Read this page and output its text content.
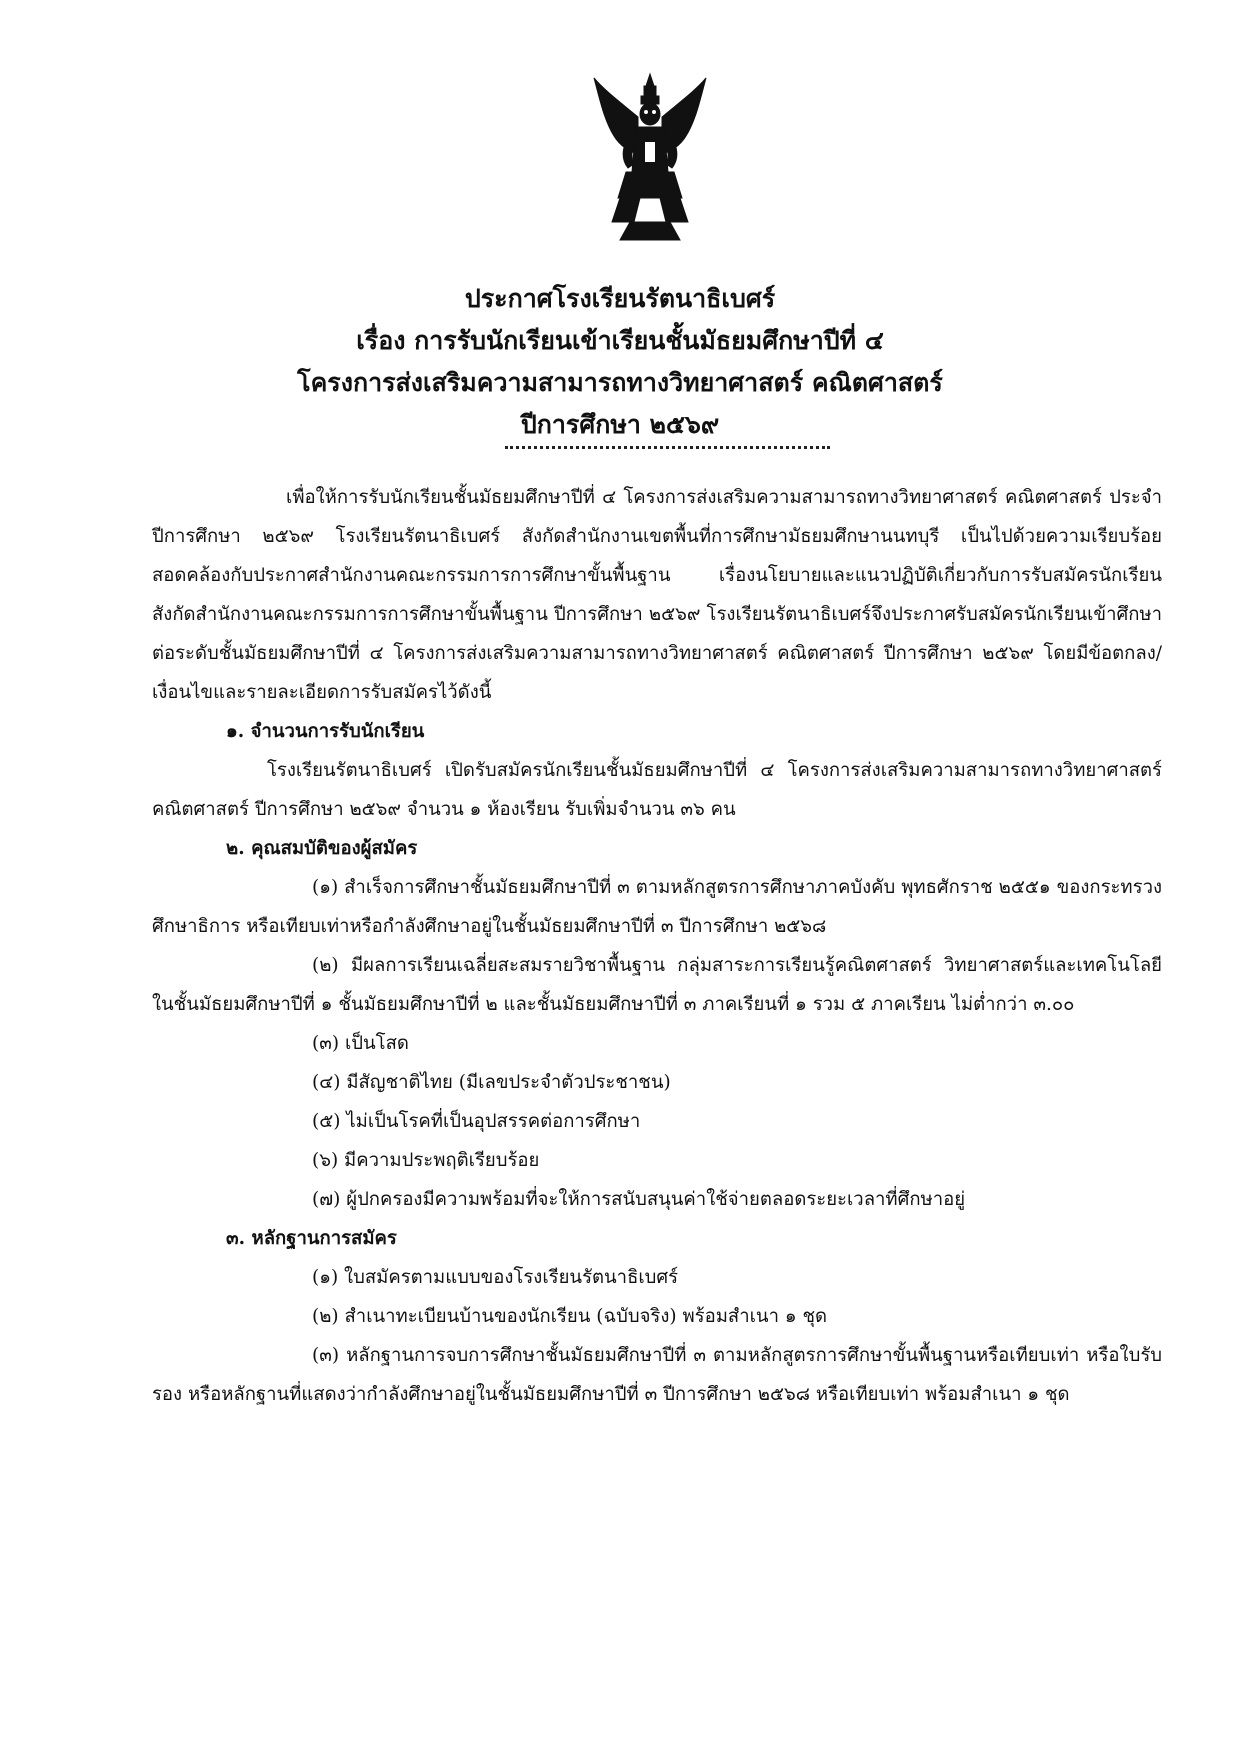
ประกาศโรงเรียนรัตนาธิเบศร์
เรื่อง การรับนักเรียนเข้าเรียนชั้นมัธยมศึกษาปีที่ ๔
โครงการส่งเสริมความสามารถทางวิทยาศาสตร์ คณิตศาสตร์
ปีการศึกษา ๒๕๖๙

เพื่อให้การรับนักเรียนชั้นมัธยมศึกษาปีที่ ๔ โครงการส่งเสริมความสามารถทางวิทยาศาสตร์ คณิตศาสตร์ ประจำปีการศึกษา ๒๕๖๙ โรงเรียนรัตนาธิเบศร์ สังกัดสำนักงานเขตพื้นที่การศึกษามัธยมศึกษานนทบุรี เป็นไปด้วยความเรียบร้อย สอดคล้องกับประกาศสำนักงานคณะกรรมการการศึกษาขั้นพื้นฐาน เรื่องนโยบายและแนวปฏิบัติเกี่ยวกับการรับสมัครนักเรียน สังกัดสำนักงานคณะกรรมการการศึกษาขั้นพื้นฐาน ปีการศึกษา ๒๕๖๙ โรงเรียนรัตนาธิเบศร์จึงประกาศรับสมัครนักเรียนเข้าศึกษาต่อระดับชั้นมัธยมศึกษาปีที่ ๔ โครงการส่งเสริมความสามารถทางวิทยาศาสตร์ คณิตศาสตร์ ปีการศึกษา ๒๕๖๙ โดยมีข้อตกลง/เงื่อนไขและรายละเอียดการรับสมัครไว้ดังนี้

๑. จำนวนการรับนักเรียน

โรงเรียนรัตนาธิเบศร์ เปิดรับสมัครนักเรียนชั้นมัธยมศึกษาปีที่ ๔ โครงการส่งเสริมความสามารถทางวิทยาศาสตร์ คณิตศาสตร์ ปีการศึกษา ๒๕๖๙ จำนวน ๑ ห้องเรียน รับเพิ่มจำนวน ๓๖ คน

๒. คุณสมบัติของผู้สมัคร

(๑) สำเร็จการศึกษาชั้นมัธยมศึกษาปีที่ ๓ ตามหลักสูตรการศึกษาภาคบังคับ พุทธศักราช ๒๕๕๑ ของกระทรวงศึกษาธิการ หรือเทียบเท่าหรือกำลังศึกษาอยู่ในชั้นมัธยมศึกษาปีที่ ๓ ปีการศึกษา ๒๕๖๘

(๒) มีผลการเรียนเฉลี่ยสะสมรายวิชาพื้นฐาน กลุ่มสาระการเรียนรู้คณิตศาสตร์ วิทยาศาสตร์และเทคโนโลยีในชั้นมัธยมศึกษาปีที่ ๑ ชั้นมัธยมศึกษาปีที่ ๒ และชั้นมัธยมศึกษาปีที่ ๓ ภาคเรียนที่ ๑ รวม ๕ ภาคเรียน ไม่ต่ำกว่า ๓.๐๐

(๓) เป็นโสด

(๔) มีสัญชาติไทย (มีเลขประจำตัวประชาชน)

(๕) ไม่เป็นโรคที่เป็นอุปสรรคต่อการศึกษา

(๖) มีความประพฤติเรียบร้อย

(๗) ผู้ปกครองมีความพร้อมที่จะให้การสนับสนุนค่าใช้จ่ายตลอดระยะเวลาที่ศึกษาอยู่

๓. หลักฐานการสมัคร

(๑) ใบสมัครตามแบบของโรงเรียนรัตนาธิเบศร์

(๒) สำเนาทะเบียนบ้านของนักเรียน (ฉบับจริง) พร้อมสำเนา ๑ ชุด

(๓) หลักฐานการจบการศึกษาชั้นมัธยมศึกษาปีที่ ๓ ตามหลักสูตรการศึกษาขั้นพื้นฐานหรือเทียบเท่า หรือใบรับรอง หรือหลักฐานที่แสดงว่ากำลังศึกษาอยู่ในชั้นมัธยมศึกษาปีที่ ๓ ปีการศึกษา ๒๕๖๘ หรือเทียบเท่า พร้อมสำเนา ๑ ชุด
